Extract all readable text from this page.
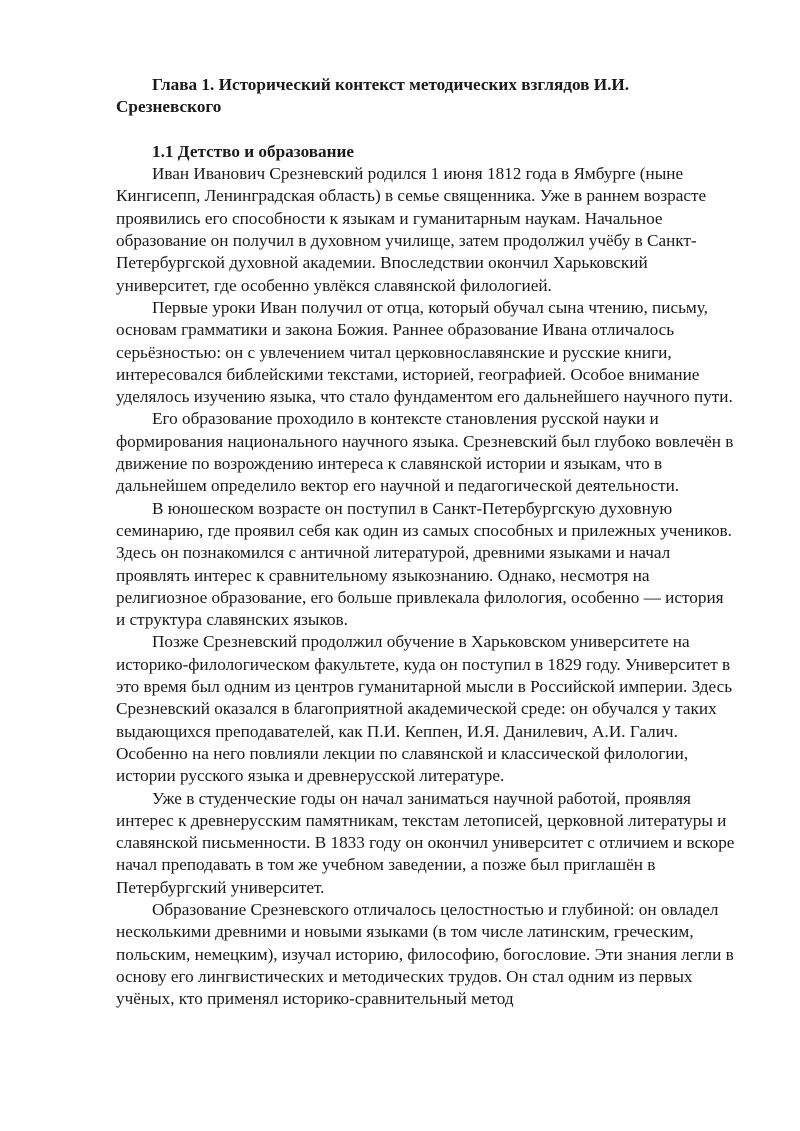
Глава 1. Исторический контекст методических взглядов И.И. Срезневского
1.1 Детство и образование

Иван Иванович Срезневский родился 1 июня 1812 года в Ямбурге (ныне Кингисепп, Ленинградская область) в семье священника. Уже в раннем возрасте проявились его способности к языкам и гуманитарным наукам. Начальное образование он получил в духовном училище, затем продолжил учёбу в Санкт-Петербургской духовной академии. Впоследствии окончил Харьковский университет, где особенно увлёкся славянской филологией.

Первые уроки Иван получил от отца, который обучал сына чтению, письму, основам грамматики и закона Божия. Раннее образование Ивана отличалось серьёзностью: он с увлечением читал церковнославянские и русские книги, интересовался библейскими текстами, историей, географией. Особое внимание уделялось изучению языка, что стало фундаментом его дальнейшего научного пути.

Его образование проходило в контексте становления русской науки и формирования национального научного языка. Срезневский был глубоко вовлечён в движение по возрождению интереса к славянской истории и языкам, что в дальнейшем определило вектор его научной и педагогической деятельности.

В юношеском возрасте он поступил в Санкт-Петербургскую духовную семинарию, где проявил себя как один из самых способных и прилежных учеников. Здесь он познакомился с античной литературой, древними языками и начал проявлять интерес к сравнительному языкознанию. Однако, несмотря на религиозное образование, его больше привлекала филология, особенно — история и структура славянских языков.

Позже Срезневский продолжил обучение в Харьковском университете на историко-филологическом факультете, куда он поступил в 1829 году. Университет в это время был одним из центров гуманитарной мысли в Российской империи. Здесь Срезневский оказался в благоприятной академической среде: он обучался у таких выдающихся преподавателей, как П.И. Кеппен, И.Я. Данилевич, А.И. Галич. Особенно на него повлияли лекции по славянской и классической филологии, истории русского языка и древнерусской литературе.

Уже в студенческие годы он начал заниматься научной работой, проявляя интерес к древнерусским памятникам, текстам летописей, церковной литературы и славянской письменности. В 1833 году он окончил университет с отличием и вскоре начал преподавать в том же учебном заведении, а позже был приглашён в Петербургский университет.

Образование Срезневского отличалось целостностью и глубиной: он овладел несколькими древними и новыми языками (в том числе латинским, греческим, польским, немецким), изучал историю, философию, богословие. Эти знания легли в основу его лингвистических и методических трудов. Он стал одним из первых учёных, кто применял историко-сравнительный метод
